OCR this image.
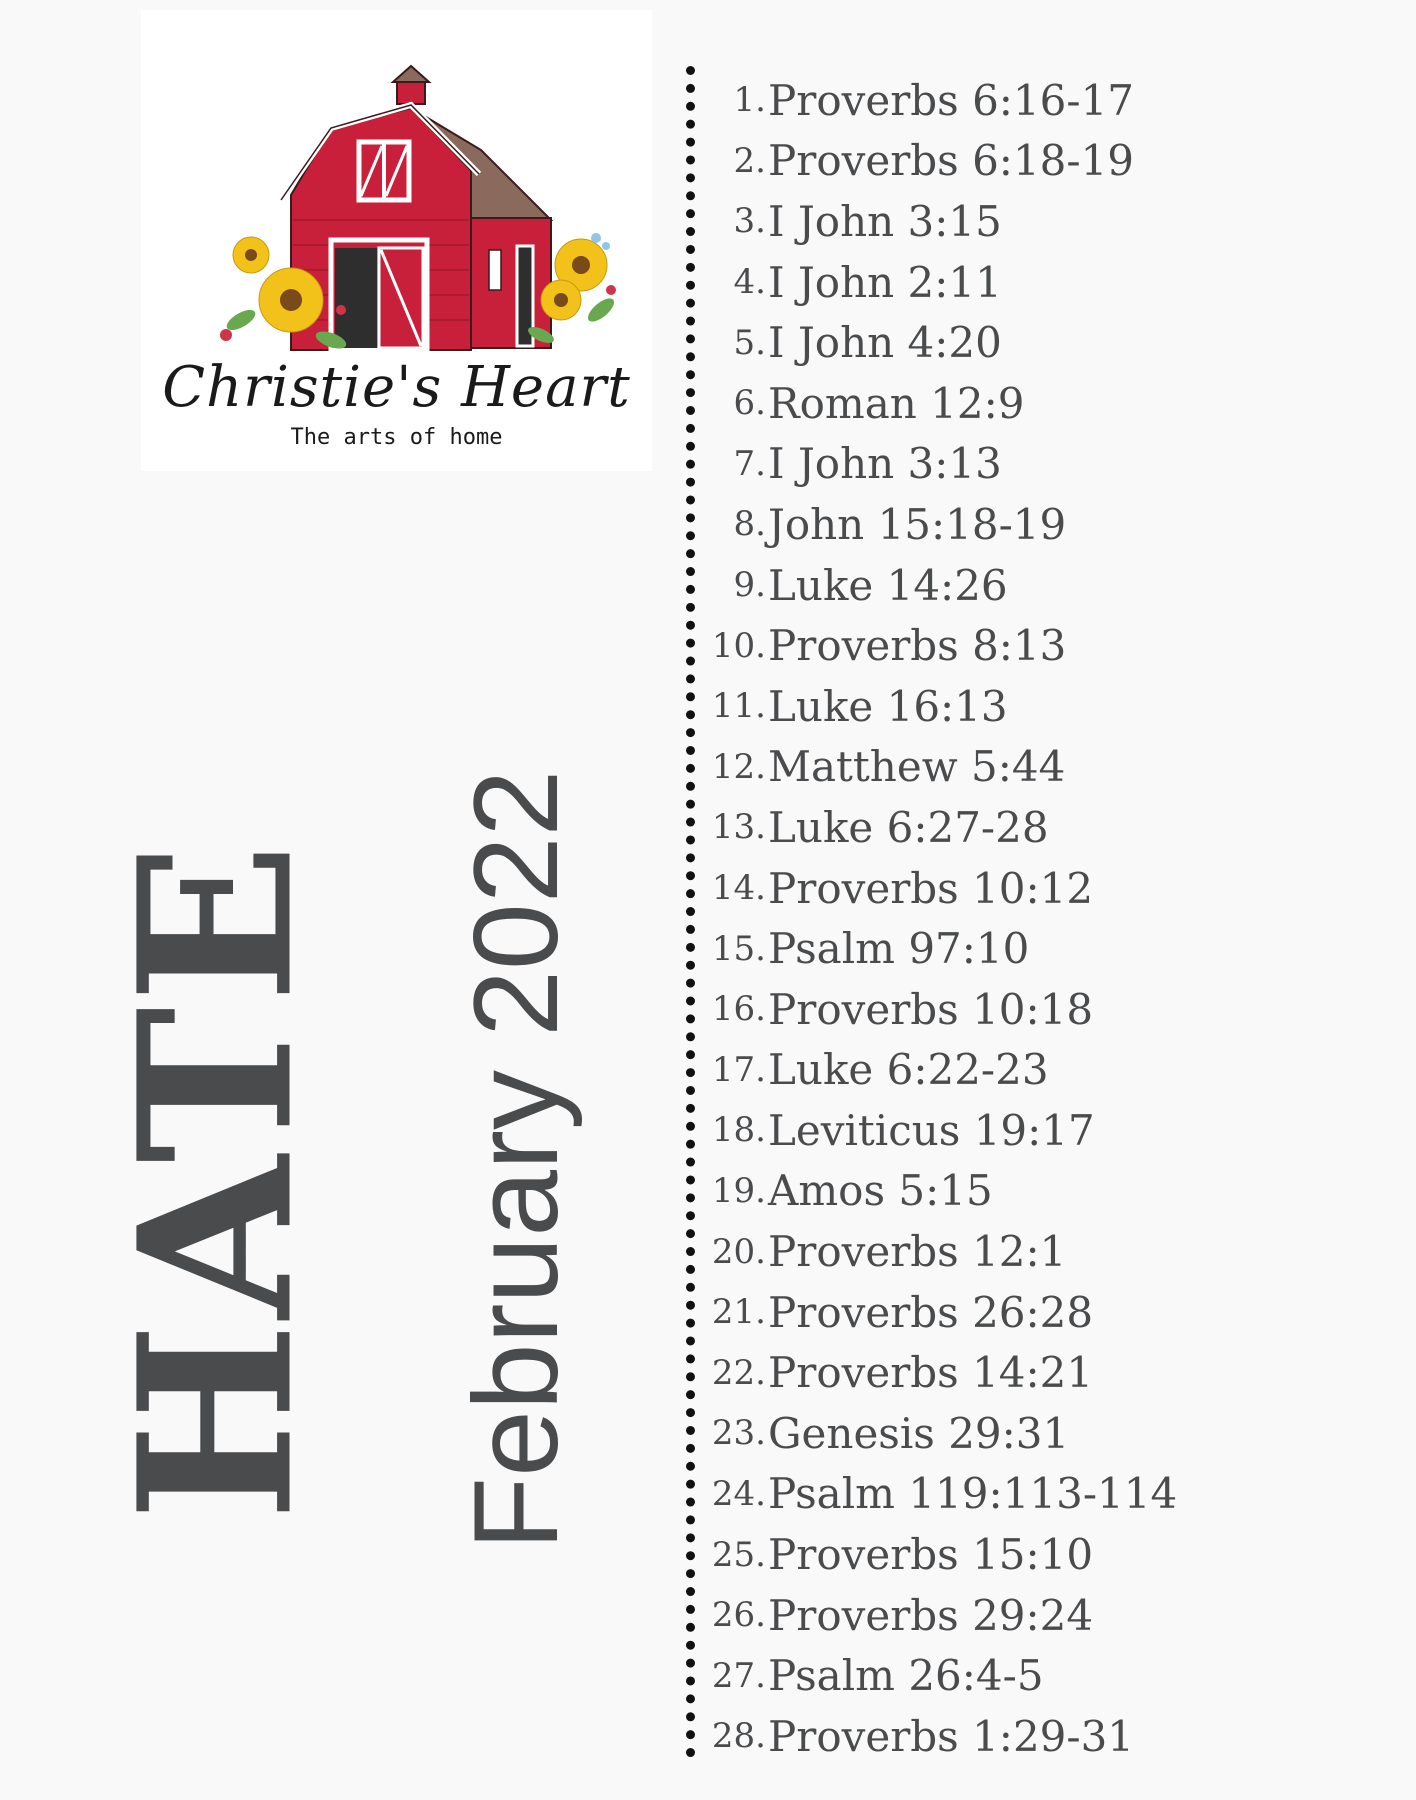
Christie's Heart
The arts of home
HATE February 2022
1. Proverbs 6:16-17
2. Proverbs 6:18-19
3. I John 3:15
4. I John 2:11
5. I John 4:20
6. Roman 12:9
7. I John 3:13
8. John 15:18-19
9. Luke 14:26
10. Proverbs 8:13
11. Luke 16:13
12. Matthew 5:44
13. Luke 6:27-28
14. Proverbs 10:12
15. Psalm 97:10
16. Proverbs 10:18
17. Luke 6:22-23
18. Leviticus 19:17
19. Amos 5:15
20. Proverbs 12:1
21. Proverbs 26:28
22. Proverbs 14:21
23. Genesis 29:31
24. Psalm 119:113-114
25. Proverbs 15:10
26. Proverbs 29:24
27. Psalm 26:4-5
28. Proverbs 1:29-31
